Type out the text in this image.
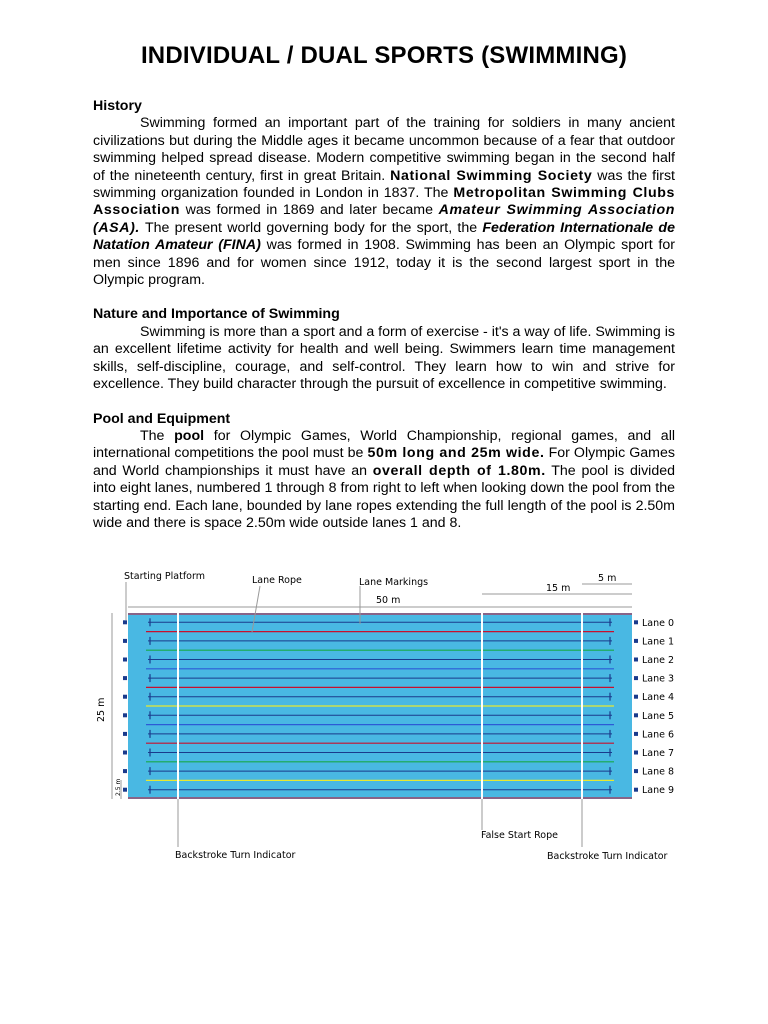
INDIVIDUAL / DUAL SPORTS (SWIMMING)

History

Swimming formed an important part of the training for soldiers in many ancient civilizations but during the Middle ages it became uncommon because of a fear that outdoor swimming helped spread disease. Modern competitive swimming began in the second half of the nineteenth century, first in great Britain. National Swimming Society was the first swimming organization founded in London in 1837. The Metropolitan Swimming Clubs Association was formed in 1869 and later became Amateur Swimming Association (ASA). The present world governing body for the sport, the Federation Internationale de Natation Amateur (FINA) was formed in 1908. Swimming has been an Olympic sport for men since 1896 and for women since 1912, today it is the second largest sport in the Olympic program.

Nature and Importance of Swimming

Swimming is more than a sport and a form of exercise - it's a way of life. Swimming is an excellent lifetime activity for health and well being. Swimmers learn time management skills, self-discipline, courage, and self-control. They learn how to win and strive for excellence. They build character through the pursuit of excellence in competitive swimming.

Pool and Equipment

The pool for Olympic Games, World Championship, regional games, and all international competitions the pool must be 50m long and 25m wide. For Olympic Games and World championships it must have an overall depth of 1.80m. The pool is divided into eight lanes, numbered 1 through 8 from right to left when looking down the pool from the starting end. Each lane, bounded by lane ropes extending the full length of the pool is 2.50m wide and there is space 2.50m wide outside lanes 1 and 8.

Starting Platform	Lane Rope	Lane Markings
50 m
15 m
5 m
25 m
2.5 m
False Start Rope
Backstroke Turn Indicator	Backstroke Turn Indicator
Lane 0
Lane 1
Lane 2
Lane 3
Lane 4
Lane 5
Lane 6
Lane 7
Lane 8
Lane 9
